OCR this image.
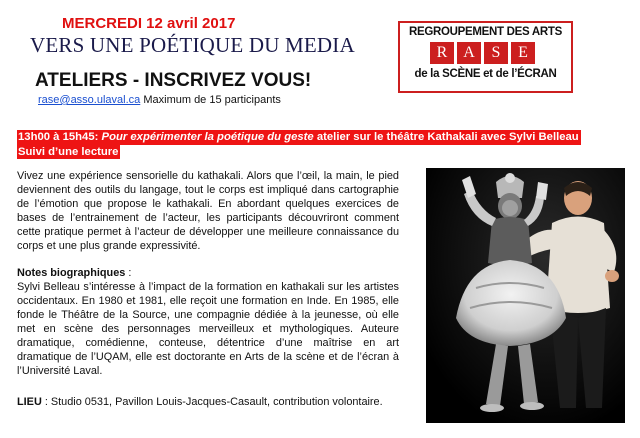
MERCREDI 12 avril 2017
VERS UNE POÉTIQUE DU MEDIA
ATELIERS - INSCRIVEZ VOUS!
rase@asso.ulaval.ca Maximum de 15 participants
REGROUPEMENT DES ARTS
R A	S	E
de la SCÈNE et de l’ÉCRAN
13h00 à 15h45: Pour expérimenter la poétique du geste atelier sur le théâtre Kathakali avec Sylvi Belleau
Suivi d’une lecture

Vivez une expérience sensorielle du kathakali. Alors que l’œil, la main, le pied deviennent des outils du langage, tout le corps est impliqué dans cartographie de l’émotion que propose le kathakali. En abordant quelques exercices de bases de l’entrainement de l’acteur, les participants découvriront comment cette pratique permet à l’acteur de développer une meilleure connaissance du corps et une plus grande expressivité.

Notes biographiques :

Sylvi Belleau s’intéresse à l’impact de la formation en kathakali sur les artistes occidentaux. En 1980 et 1981, elle reçoit une formation en Inde. En 1985, elle fonde le Théâtre de la Source, une compagnie dédiée à la jeunesse, où elle met en scène des personnages merveilleux et mythologiques. Auteure dramatique, comédienne, conteuse, détentrice d’une maîtrise en art dramatique de l’UQAM, elle est doctorante en Arts de la scène et de l’écran à l’Université Laval.

LIEU : Studio 0531, Pavillon Louis-Jacques-Casault, contribution volontaire.
